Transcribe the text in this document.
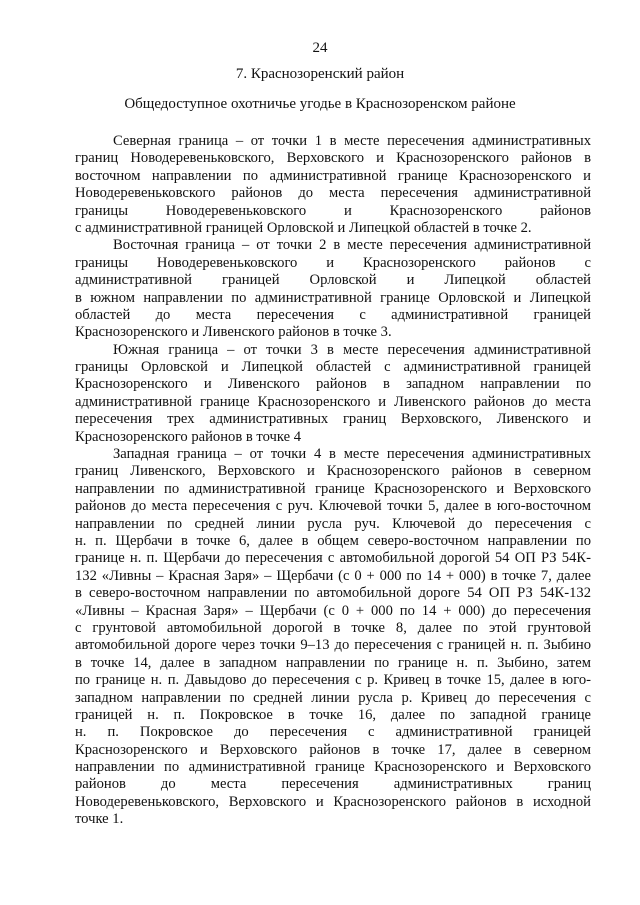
24
7. Краснозоренский район
Общедоступное охотничье угодье в Краснозоренском районе
Северная граница – от точки 1 в месте пересечения административных
границ Новодеревеньковского, Верховского и Краснозоренского районов в
восточном направлении по административной границе Краснозоренского и
Новодеревеньковского районов до места пересечения административной
границы Новодеревеньковского и Краснозоренского районов
с административной границей Орловской и Липецкой областей в точке 2.
Восточная граница – от точки 2 в месте пересечения административной
границы Новодеревеньковского и Краснозоренского районов с
административной границей Орловской и Липецкой областей
в южном направлении по административной границе Орловской и Липецкой
областей до места пересечения с административной границей
Краснозоренского и Ливенского районов в точке 3.
Южная граница – от точки 3 в месте пересечения административной
границы Орловской и Липецкой областей с административной границей
Краснозоренского и Ливенского районов в западном направлении по
административной границе Краснозоренского и Ливенского районов до места
пересечения трех административных границ Верховского, Ливенского и
Краснозоренского районов в точке 4
Западная граница – от точки 4 в месте пересечения административных
границ Ливенского, Верховского и Краснозоренского районов в северном
направлении по административной границе Краснозоренского и Верховского
районов до места пересечения с руч. Ключевой точки 5, далее в юго-восточном
направлении по средней линии русла руч. Ключевой до пересечения с
н. п. Щербачи в точке 6, далее в общем северо-восточном направлении по
границе н. п. Щербачи до пересечения с автомобильной дорогой 54 ОП РЗ 54К-
132 «Ливны – Красная Заря» – Щербачи (с 0 + 000 по 14 + 000) в точке 7, далее
в северо-восточном направлении по автомобильной дороге 54 ОП РЗ 54К-132
«Ливны – Красная Заря» – Щербачи (с 0 + 000 по 14 + 000) до пересечения
с грунтовой автомобильной дорогой в точке 8, далее по этой грунтовой
автомобильной дороге через точки 9–13 до пересечения с границей н. п. Зыбино
в точке 14, далее в западном направлении по границе н. п. Зыбино, затем
по границе н. п. Давыдово до пересечения с р. Кривец в точке 15, далее в юго-
западном направлении по средней линии русла р. Кривец до пересечения с
границей н. п. Покровское в точке 16, далее по западной границе
н. п. Покровское до пересечения с административной границей
Краснозоренского и Верховского районов в точке 17, далее в северном
направлении по административной границе Краснозоренского и Верховского
районов до места пересечения административных границ
Новодеревеньковского, Верховского и Краснозоренского районов в исходной
точке 1.
